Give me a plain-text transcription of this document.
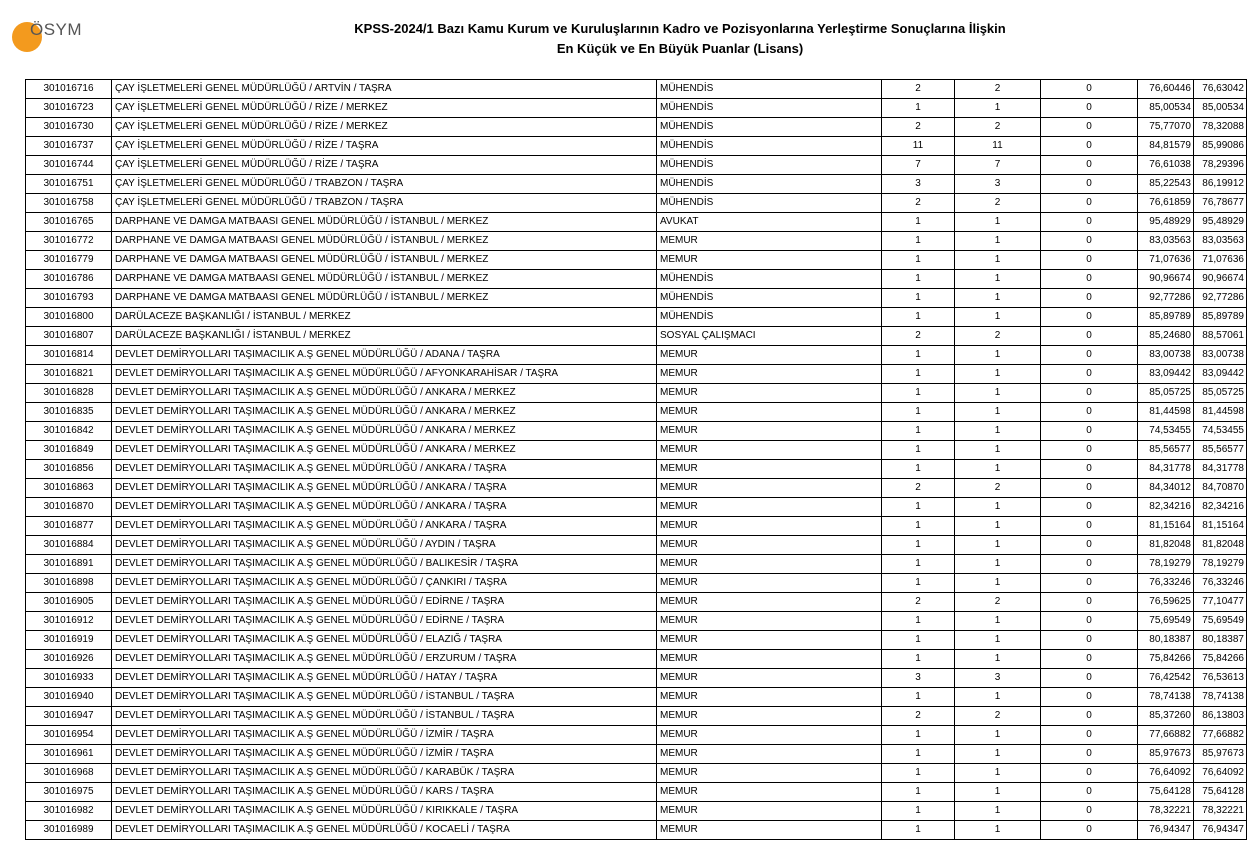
ÖSYM	KPSS-2024/1 Bazı Kamu Kurum ve Kuruluşlarının Kadro ve Pozisyonlarına Yerleştirme Sonuçlarına İlişkin
En Küçük ve En Büyük Puanlar (Lisans)
301016716	ÇAY İŞLETMELERİ GENEL MÜDÜRLÜĞÜ / ARTVİN / TAŞRA	MÜHENDİS	2	2	0	76,60446	76,63042
301016723	ÇAY İŞLETMELERİ GENEL MÜDÜRLÜĞÜ / RİZE / MERKEZ	MÜHENDİS	1	1	0	85,00534	85,00534
301016730	ÇAY İŞLETMELERİ GENEL MÜDÜRLÜĞÜ / RİZE / MERKEZ	MÜHENDİS	2	2	0	75,77070	78,32088
301016737	ÇAY İŞLETMELERİ GENEL MÜDÜRLÜĞÜ / RİZE / TAŞRA	MÜHENDİS	11	11	0	84,81579	85,99086
301016744	ÇAY İŞLETMELERİ GENEL MÜDÜRLÜĞÜ / RİZE / TAŞRA	MÜHENDİS	7	7	0	76,61038	78,29396
301016751	ÇAY İŞLETMELERİ GENEL MÜDÜRLÜĞÜ / TRABZON / TAŞRA	MÜHENDİS	3	3	0	85,22543	86,19912
301016758	ÇAY İŞLETMELERİ GENEL MÜDÜRLÜĞÜ / TRABZON / TAŞRA	MÜHENDİS	2	2	0	76,61859	76,78677
301016765	DARPHANE VE DAMGA MATBAASI GENEL MÜDÜRLÜĞÜ / İSTANBUL / MERKEZ	AVUKAT	1	1	0	95,48929	95,48929
301016772	DARPHANE VE DAMGA MATBAASI GENEL MÜDÜRLÜĞÜ / İSTANBUL / MERKEZ	MEMUR	1	1	0	83,03563	83,03563
301016779	DARPHANE VE DAMGA MATBAASI GENEL MÜDÜRLÜĞÜ / İSTANBUL / MERKEZ	MEMUR	1	1	0	71,07636	71,07636
301016786	DARPHANE VE DAMGA MATBAASI GENEL MÜDÜRLÜĞÜ / İSTANBUL / MERKEZ	MÜHENDİS	1	1	0	90,96674	90,96674
301016793	DARPHANE VE DAMGA MATBAASI GENEL MÜDÜRLÜĞÜ / İSTANBUL / MERKEZ	MÜHENDİS	1	1	0	92,77286	92,77286
301016800	DARÜLACEZE BAŞKANLIĞI / İSTANBUL / MERKEZ	MÜHENDİS	1	1	0	85,89789	85,89789
301016807	DARÜLACEZE BAŞKANLIĞI / İSTANBUL / MERKEZ	SOSYAL ÇALIŞMACI	2	2	0	85,24680	88,57061
301016814	DEVLET DEMİRYOLLARI TAŞIMACILIK A.Ş GENEL MÜDÜRLÜĞÜ / ADANA / TAŞRA	MEMUR	1	1	0	83,00738	83,00738
301016821	DEVLET DEMİRYOLLARI TAŞIMACILIK A.Ş GENEL MÜDÜRLÜĞÜ / AFYONKARAHİSAR / TAŞRA	MEMUR	1	1	0	83,09442	83,09442
301016828	DEVLET DEMİRYOLLARI TAŞIMACILIK A.Ş GENEL MÜDÜRLÜĞÜ / ANKARA / MERKEZ	MEMUR	1	1	0	85,05725	85,05725
301016835	DEVLET DEMİRYOLLARI TAŞIMACILIK A.Ş GENEL MÜDÜRLÜĞÜ / ANKARA / MERKEZ	MEMUR	1	1	0	81,44598	81,44598
301016842	DEVLET DEMİRYOLLARI TAŞIMACILIK A.Ş GENEL MÜDÜRLÜĞÜ / ANKARA / MERKEZ	MEMUR	1	1	0	74,53455	74,53455
301016849	DEVLET DEMİRYOLLARI TAŞIMACILIK A.Ş GENEL MÜDÜRLÜĞÜ / ANKARA / MERKEZ	MEMUR	1	1	0	85,56577	85,56577
301016856	DEVLET DEMİRYOLLARI TAŞIMACILIK A.Ş GENEL MÜDÜRLÜĞÜ / ANKARA / TAŞRA	MEMUR	1	1	0	84,31778	84,31778
301016863	DEVLET DEMİRYOLLARI TAŞIMACILIK A.Ş GENEL MÜDÜRLÜĞÜ / ANKARA / TAŞRA	MEMUR	2	2	0	84,34012	84,70870
301016870	DEVLET DEMİRYOLLARI TAŞIMACILIK A.Ş GENEL MÜDÜRLÜĞÜ / ANKARA / TAŞRA	MEMUR	1	1	0	82,34216	82,34216
301016877	DEVLET DEMİRYOLLARI TAŞIMACILIK A.Ş GENEL MÜDÜRLÜĞÜ / ANKARA / TAŞRA	MEMUR	1	1	0	81,15164	81,15164
301016884	DEVLET DEMİRYOLLARI TAŞIMACILIK A.Ş GENEL MÜDÜRLÜĞÜ / AYDIN / TAŞRA	MEMUR	1	1	0	81,82048	81,82048
301016891	DEVLET DEMİRYOLLARI TAŞIMACILIK A.Ş GENEL MÜDÜRLÜĞÜ / BALIKESİR / TAŞRA	MEMUR	1	1	0	78,19279	78,19279
301016898	DEVLET DEMİRYOLLARI TAŞIMACILIK A.Ş GENEL MÜDÜRLÜĞÜ / ÇANKIRI / TAŞRA	MEMUR	1	1	0	76,33246	76,33246
301016905	DEVLET DEMİRYOLLARI TAŞIMACILIK A.Ş GENEL MÜDÜRLÜĞÜ / EDİRNE / TAŞRA	MEMUR	2	2	0	76,59625	77,10477
301016912	DEVLET DEMİRYOLLARI TAŞIMACILIK A.Ş GENEL MÜDÜRLÜĞÜ / EDİRNE / TAŞRA	MEMUR	1	1	0	75,69549	75,69549
301016919	DEVLET DEMİRYOLLARI TAŞIMACILIK A.Ş GENEL MÜDÜRLÜĞÜ / ELAZIĞ / TAŞRA	MEMUR	1	1	0	80,18387	80,18387
301016926	DEVLET DEMİRYOLLARI TAŞIMACILIK A.Ş GENEL MÜDÜRLÜĞÜ / ERZURUM / TAŞRA	MEMUR	1	1	0	75,84266	75,84266
301016933	DEVLET DEMİRYOLLARI TAŞIMACILIK A.Ş GENEL MÜDÜRLÜĞÜ / HATAY / TAŞRA	MEMUR	3	3	0	76,42542	76,53613
301016940	DEVLET DEMİRYOLLARI TAŞIMACILIK A.Ş GENEL MÜDÜRLÜĞÜ / İSTANBUL / TAŞRA	MEMUR	1	1	0	78,74138	78,74138
301016947	DEVLET DEMİRYOLLARI TAŞIMACILIK A.Ş GENEL MÜDÜRLÜĞÜ / İSTANBUL / TAŞRA	MEMUR	2	2	0	85,37260	86,13803
301016954	DEVLET DEMİRYOLLARI TAŞIMACILIK A.Ş GENEL MÜDÜRLÜĞÜ / İZMİR / TAŞRA	MEMUR	1	1	0	77,66882	77,66882
301016961	DEVLET DEMİRYOLLARI TAŞIMACILIK A.Ş GENEL MÜDÜRLÜĞÜ / İZMİR / TAŞRA	MEMUR	1	1	0	85,97673	85,97673
301016968	DEVLET DEMİRYOLLARI TAŞIMACILIK A.Ş GENEL MÜDÜRLÜĞÜ / KARABÜK / TAŞRA	MEMUR	1	1	0	76,64092	76,64092
301016975	DEVLET DEMİRYOLLARI TAŞIMACILIK A.Ş GENEL MÜDÜRLÜĞÜ / KARS / TAŞRA	MEMUR	1	1	0	75,64128	75,64128
301016982	DEVLET DEMİRYOLLARI TAŞIMACILIK A.Ş GENEL MÜDÜRLÜĞÜ / KIRIKKALE / TAŞRA	MEMUR	1	1	0	78,32221	78,32221
301016989	DEVLET DEMİRYOLLARI TAŞIMACILIK A.Ş GENEL MÜDÜRLÜĞÜ / KOCAELİ / TAŞRA	MEMUR	1	1	0	76,94347	76,94347
